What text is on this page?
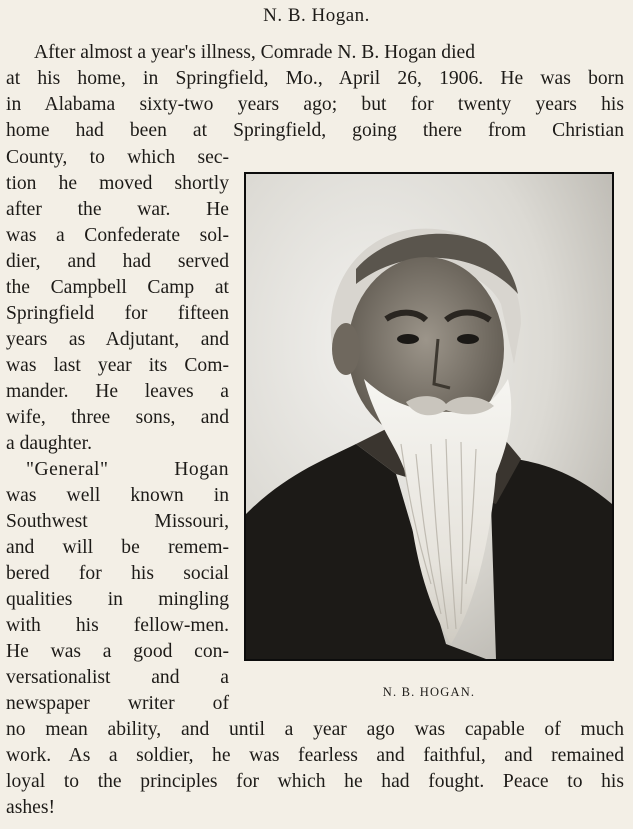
N. B. Hogan.
After almost a year's illness, Comrade N. B. Hogan died
at his home, in Springfield, Mo., April 26, 1906. He was born
in Alabama sixty-two years ago; but for twenty years his
home had been at Springfield, going there from Christian
County, to which sec-
tion he moved shortly
after the war. He
was a Confederate sol-
dier, and had served
the Campbell Camp at
Springfield for fifteen
years as Adjutant, and
was last year its Com-
mander. He leaves a
wife, three sons, and
a daughter.
"General" Hogan
was well known in
Southwest Missouri,
and will be remem-
bered for his social
qualities in mingling
with his fellow-men.
He was a good con-
versationalist and a
newspaper writer of
no mean ability, and until a year ago was capable of much
work. As a soldier, he was fearless and faithful, and remained
loyal to the principles for which he had fought. Peace to his
ashes!
N. B. HOGAN.
